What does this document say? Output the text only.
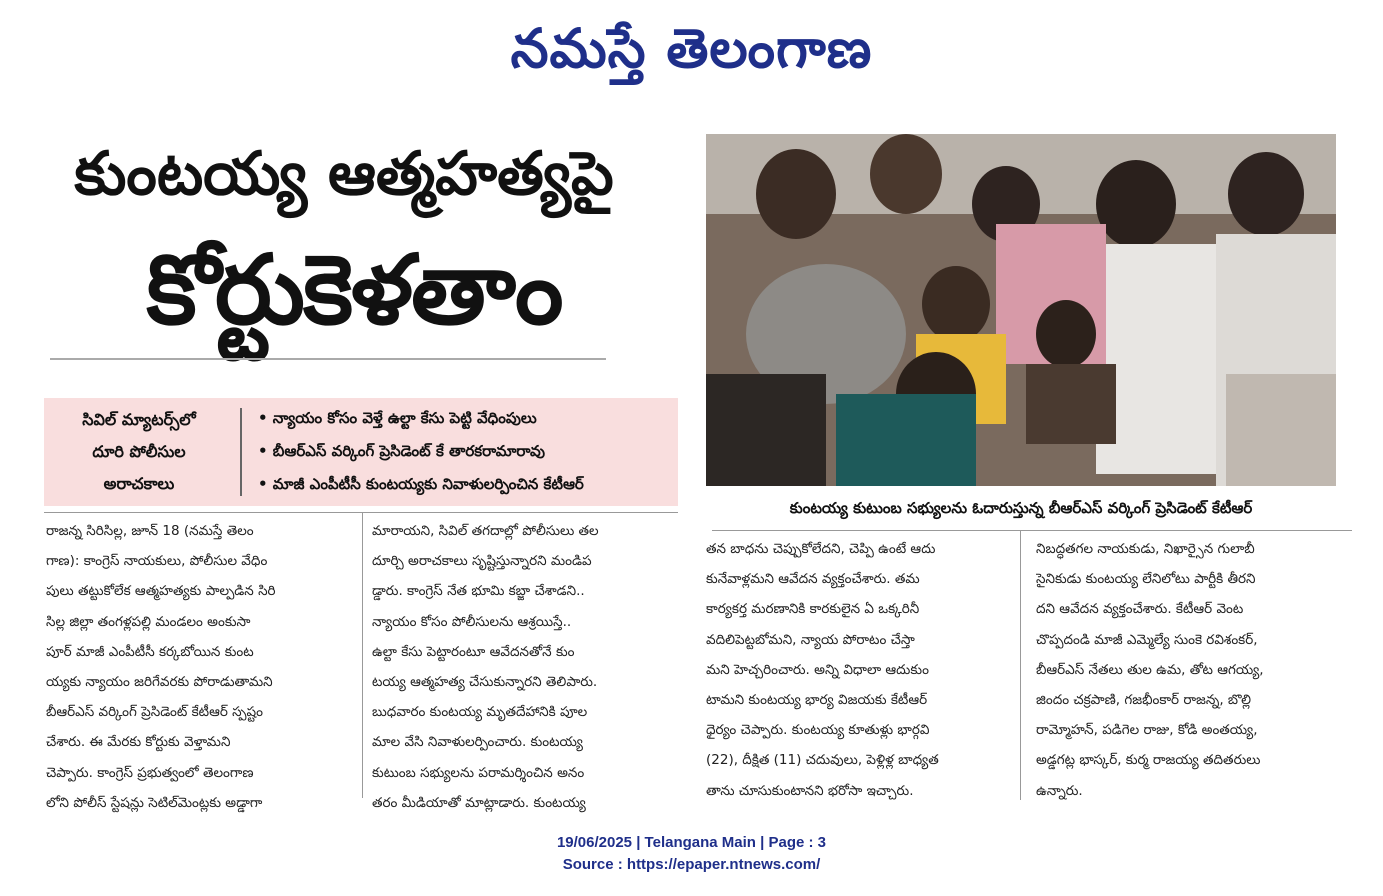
నమస్తే తెలంగాణ
కుంటయ్య ఆత్మహత్యపై
కోర్టుకెళతాం
సివిల్ మ్యాటర్స్‌లో
దూరి పోలీసుల
అరాచకాలు
• న్యాయం కోసం వెళ్తే ఉల్టా కేసు పెట్టి వేధింపులు
• బీఆర్ఎస్ వర్కింగ్ ప్రెసిడెంట్ కే తారకరామారావు
• మాజీ ఎంపీటీసీ కుంటయ్యకు నివాళులర్పించిన కేటీఆర్
కుంటయ్య కుటుంబ సభ్యులను ఓదారుస్తున్న బీఆర్ఎస్ వర్కింగ్ ప్రెసిడెంట్ కేటీఆర్
రాజన్న సిరిసిల్ల, జూన్ 18 (నమస్తే తెలం
గాణ): కాంగ్రెస్ నాయకులు, పోలీసుల వేధిం
పులు తట్టుకోలేక ఆత్మహత్యకు పాల్పడిన సిరి
సిల్ల జిల్లా తంగళ్లపల్లి మండలం అంకుసా
పూర్ మాజీ ఎంపీటీసీ కర్కబోయిన కుంట
య్యకు న్యాయం జరిగేవరకు పోరాడుతామని
బీఆర్ఎస్ వర్కింగ్ ప్రెసిడెంట్ కేటీఆర్ స్పష్టం
చేశారు. ఈ మేరకు కోర్టుకు వెళ్తామని
చెప్పారు. కాంగ్రెస్ ప్రభుత్వంలో తెలంగాణ
లోని పోలీస్ స్టేషన్లు సెటిల్‌మెంట్లకు అడ్డాగా
మారాయని, సివిల్ తగదాల్లో పోలీసులు తల
దూర్చి అరాచకాలు సృష్టిస్తున్నారని మండిప
డ్డారు. కాంగ్రెస్ నేత భూమి కబ్జా చేశాడని..
న్యాయం కోసం పోలీసులను ఆశ్రయిస్తే..
ఉల్టా కేసు పెట్టారంటూ ఆవేదనతోనే కుం
టయ్య ఆత్మహత్య చేసుకున్నారని తెలిపారు.
బుధవారం కుంటయ్య మృతదేహానికి పూల
మాల వేసి నివాళులర్పించారు. కుంటయ్య
కుటుంబ సభ్యులను పరామర్శించిన అనం
తరం మీడియాతో మాట్లాడారు. కుంటయ్య
తన బాధను చెప్పుకోలేదని, చెప్పి ఉంటే ఆదు
కునేవాళ్లమని ఆవేదన వ్యక్తంచేశారు. తమ
కార్యకర్త మరణానికి కారకులైన ఏ ఒక్కరినీ
వదిలిపెట్టబోమని, న్యాయ పోరాటం చేస్తా
మని హెచ్చరించారు. అన్ని విధాలా ఆదుకుం
టామని కుంటయ్య భార్య విజయకు కేటీఆర్
ధైర్యం చెప్పారు. కుంటయ్య కూతుళ్లు భార్గవి
(22), దీక్షిత (11) చదువులు, పెళ్లిళ్ల బాధ్యత
తాను చూసుకుంటానని భరోసా ఇచ్చారు.
నిబద్ధతగల నాయకుడు, నిఖార్సైన గులాబీ
సైనికుడు కుంటయ్య లేనిలోటు పార్టీకి తీరని
దని ఆవేదన వ్యక్తంచేశారు. కేటీఆర్ వెంట
చొప్పదండి మాజీ ఎమ్మెల్యే సుంకె రవిశంకర్,
బీఆర్ఎస్ నేతలు తుల ఉమ, తోట ఆగయ్య,
జిందం చక్రపాణి, గజభీంకార్ రాజన్న, బొల్లి
రామ్మోహన్, పడిగెల రాజు, కోడి అంతయ్య,
అడ్డగట్ల భాస్కర్, కుర్మ రాజయ్య తదితరులు
ఉన్నారు.
19/06/2025 | Telangana Main | Page : 3
Source : https://epaper.ntnews.com/
